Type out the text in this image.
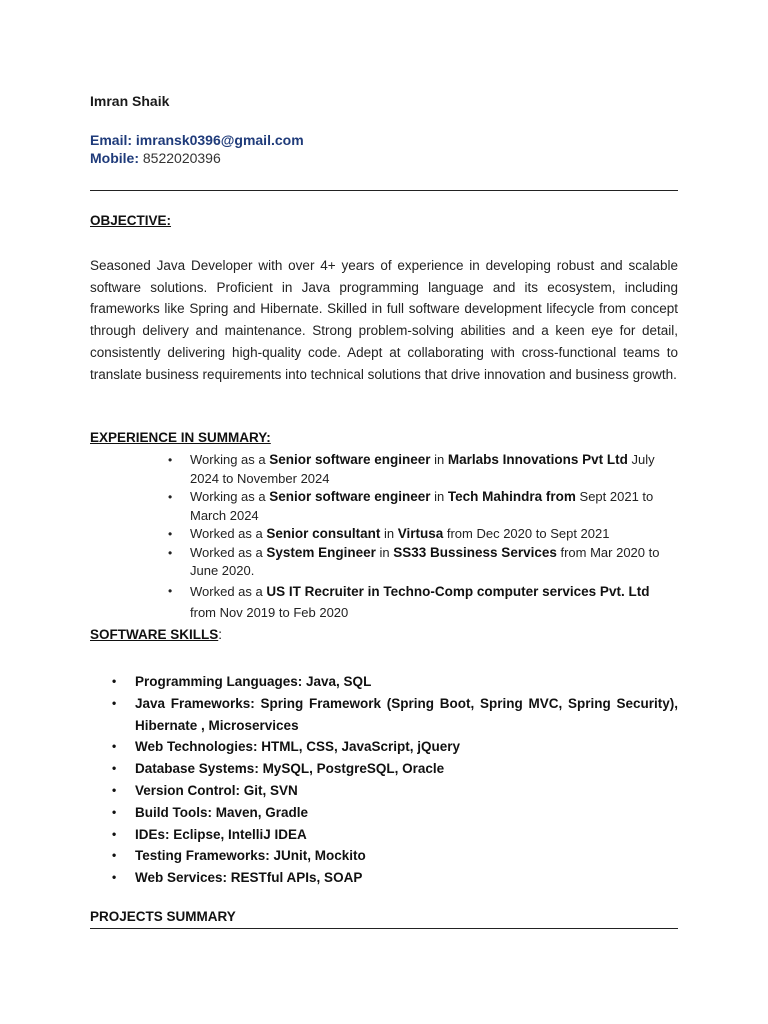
Imran Shaik
Email: imransk0396@gmail.com
Mobile: 8522020396
OBJECTIVE:

Seasoned Java Developer with over 4+ years of experience in developing robust and scalable software solutions. Proficient in Java programming language and its ecosystem, including frameworks like Spring and Hibernate. Skilled in full software development lifecycle from concept through delivery and maintenance. Strong problem-solving abilities and a keen eye for detail, consistently delivering high-quality code. Adept at collaborating with cross-functional teams to translate business requirements into technical solutions that drive innovation and business growth.

EXPERIENCE IN SUMMARY:
• Working as a Senior software engineer in Marlabs Innovations Pvt Ltd July 2024 to November 2024
• Working as a Senior software engineer in Tech Mahindra from Sept 2021 to March 2024
• Worked as a Senior consultant in Virtusa from Dec 2020 to Sept 2021
• Worked as a System Engineer in SS33 Bussiness Services from Mar 2020 to June 2020.
• Worked as a US IT Recruiter in Techno-Comp computer services Pvt. Ltd from Nov 2019 to Feb 2020
SOFTWARE SKILLS:
• Programming Languages: Java, SQL
• Java Frameworks: Spring Framework (Spring Boot, Spring MVC, Spring Security), Hibernate , Microservices
• Web Technologies: HTML, CSS, JavaScript, jQuery
• Database Systems: MySQL, PostgreSQL, Oracle
• Version Control: Git, SVN
• Build Tools: Maven, Gradle
• IDEs: Eclipse, IntelliJ IDEA
• Testing Frameworks: JUnit, Mockito
• Web Services: RESTful APIs, SOAP
PROJECTS SUMMARY
